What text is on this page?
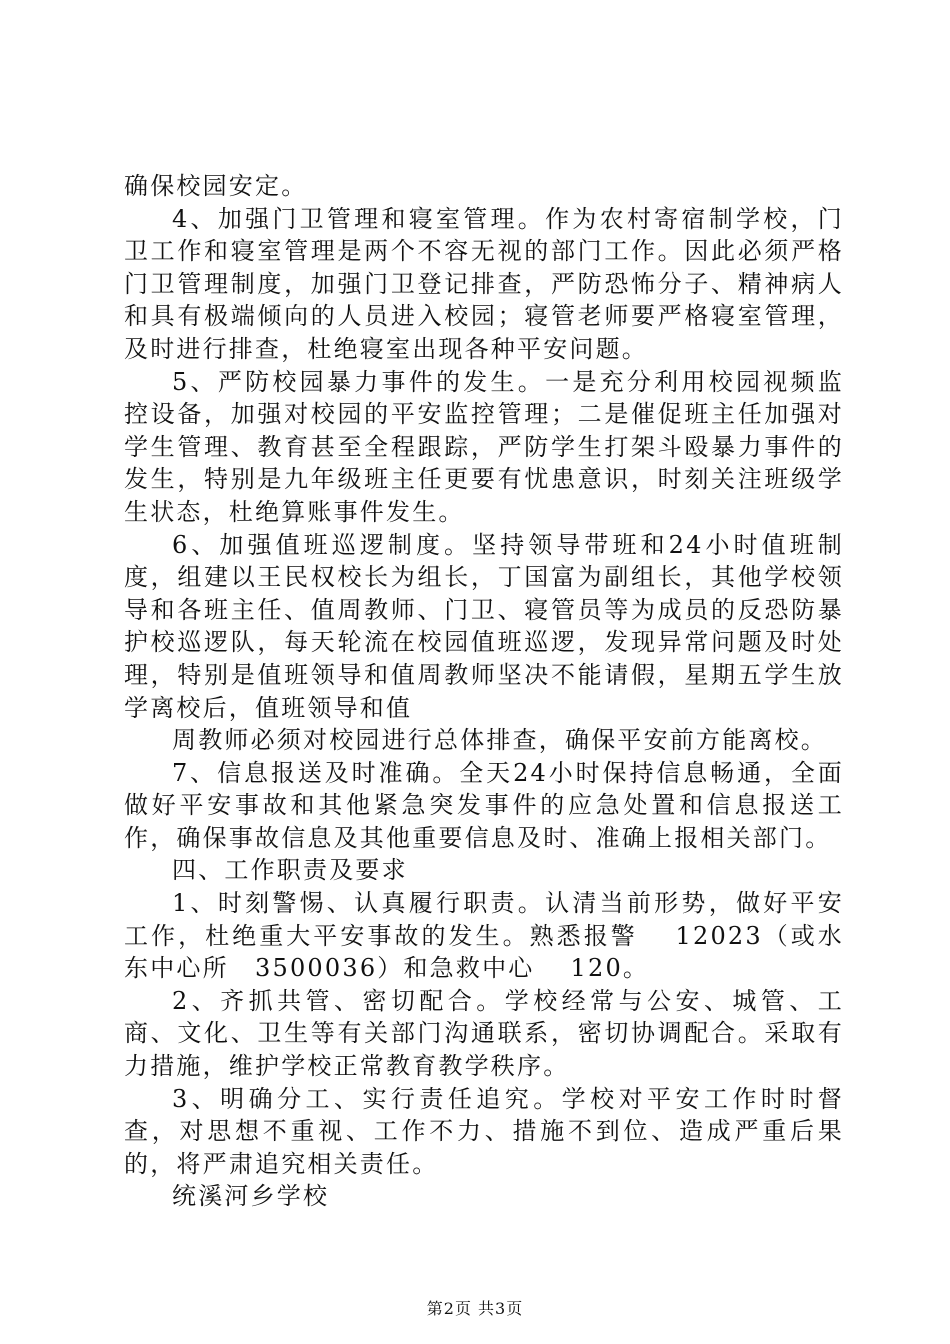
确保校园安定。

4、加强门卫管理和寝室管理。作为农村寄宿制学校，门卫工作和寝室管理是两个不容无视的部门工作。因此必须严格门卫管理制度，加强门卫登记排查，严防恐怖分子、精神病人和具有极端倾向的人员进入校园；寝管老师要严格寝室管理，及时进行排查，杜绝寝室出现各种平安问题。

5、严防校园暴力事件的发生。一是充分利用校园视频监控设备，加强对校园的平安监控管理；二是催促班主任加强对学生管理、教育甚至全程跟踪，严防学生打架斗殴暴力事件的发生，特别是九年级班主任更要有忧患意识，时刻关注班级学生状态，杜绝算账事件发生。

6、加强值班巡逻制度。坚持领导带班和24小时值班制度，组建以王民权校长为组长，丁国富为副组长，其他学校领导和各班主任、值周教师、门卫、寝管员等为成员的反恐防暴护校巡逻队，每天轮流在校园值班巡逻，发现异常问题及时处理，特别是值班领导和值周教师坚决不能请假，星期五学生放学离校后，值班领导和值

周教师必须对校园进行总体排查，确保平安前方能离校。

7、信息报送及时准确。全天24小时保持信息畅通，全面做好平安事故和其他紧急突发事件的应急处置和信息报送工作，确保事故信息及其他重要信息及时、准确上报相关部门。

四、工作职责及要求

1、时刻警惕、认真履行职责。认清当前形势，做好平安工作，杜绝重大平安事故的发生。熟悉报警　 12023（或水东中心所　3500036）和急救中心　 120。

2、齐抓共管、密切配合。学校经常与公安、城管、工商、文化、卫生等有关部门沟通联系，密切协调配合。采取有力措施，维护学校正常教育教学秩序。

3、明确分工、实行责任追究。学校对平安工作时时督查，对思想不重视、工作不力、措施不到位、造成严重后果的，将严肃追究相关责任。

统溪河乡学校

第2页 共3页
